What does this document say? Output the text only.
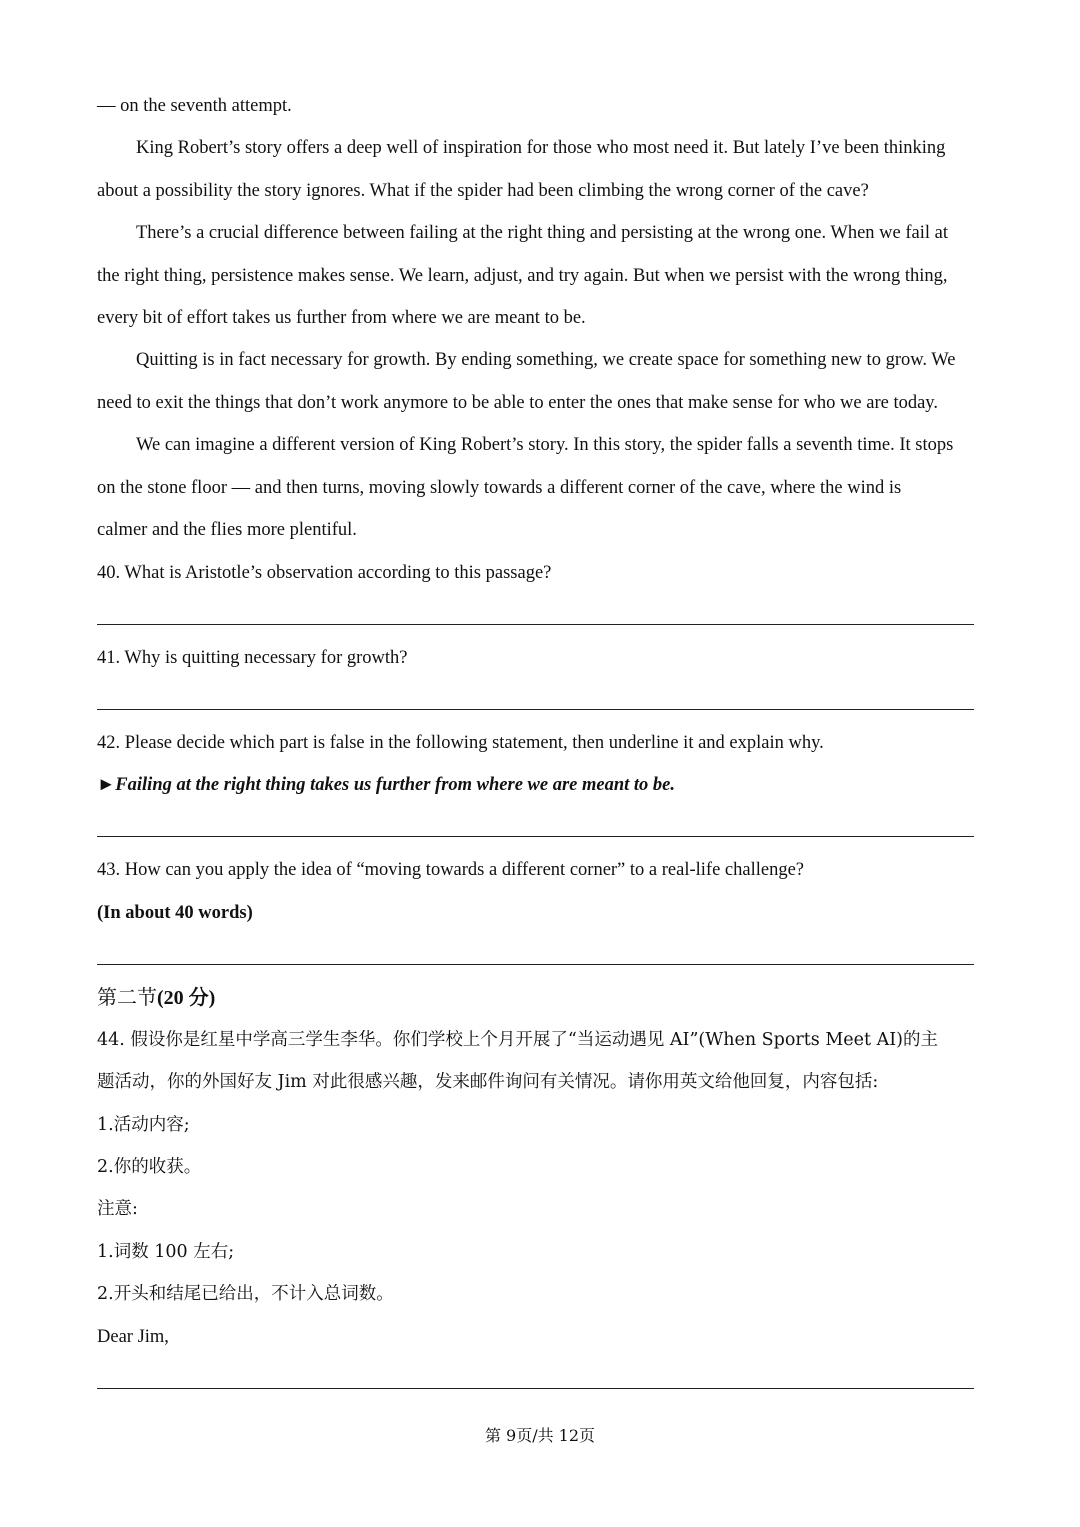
— on the seventh attempt.
King Robert’s story offers a deep well of inspiration for those who most need it. But lately I’ve been thinking
about a possibility the story ignores. What if the spider had been climbing the wrong corner of the cave?
There’s a crucial difference between failing at the right thing and persisting at the wrong one. When we fail at
the right thing, persistence makes sense. We learn, adjust, and try again. But when we persist with the wrong thing,
every bit of effort takes us further from where we are meant to be.
Quitting is in fact necessary for growth. By ending something, we create space for something new to grow. We
need to exit the things that don’t work anymore to be able to enter the ones that make sense for who we are today.
We can imagine a different version of King Robert’s story. In this story, the spider falls a seventh time. It stops
on the stone floor — and then turns, moving slowly towards a different corner of the cave, where the wind is
calmer and the flies more plentiful.
40. What is Aristotle’s observation according to this passage?
41. Why is quitting necessary for growth?
42. Please decide which part is false in the following statement, then underline it and explain why.
►Failing at the right thing takes us further from where we are meant to be.
43. How can you apply the idea of “moving towards a different corner” to a real-life challenge?
(In about 40 words)
第二节(20 分)
44. 假设你是红星中学高三学生李华。你们学校上个月开展了“当运动遇见 AI”(When Sports Meet AI)的主
题活动，你的外国好友 Jim 对此很感兴趣，发来邮件询问有关情况。请你用英文给他回复，内容包括:
1.活动内容;
2.你的收获。
注意:
1.词数 100 左右;
2.开头和结尾已给出，不计入总词数。
Dear Jim,
第 9页/共 12页
